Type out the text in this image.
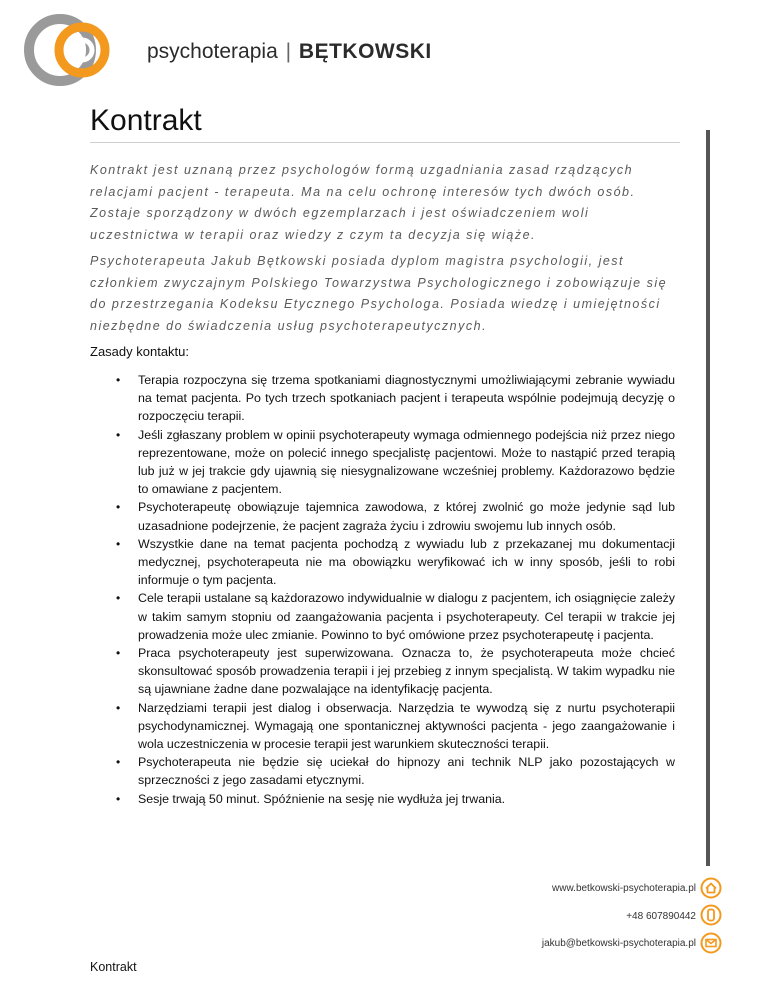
psychoterapia | BĘTKOWSKI
Kontrakt

Kontrakt jest uznaną przez psychologów formą uzgadniania zasad rządzących relacjami pacjent - terapeuta. Ma na celu ochronę interesów tych dwóch osób. Zostaje sporządzony w dwóch egzemplarzach i jest oświadczeniem woli uczestnictwa w terapii oraz wiedzy z czym ta decyzja się wiąże.

Psychoterapeuta Jakub Bętkowski posiada dyplom magistra psychologii, jest członkiem zwyczajnym Polskiego Towarzystwa Psychologicznego i zobowiązuje się do przestrzegania Kodeksu Etycznego Psychologa. Posiada wiedzę i umiejętności niezbędne do świadczenia usług psychoterapeutycznych.

Zasady kontaktu:

• Terapia rozpoczyna się trzema spotkaniami diagnostycznymi umożliwiającymi zebranie wywiadu na temat pacjenta. Po tych trzech spotkaniach pacjent i terapeuta wspólnie podejmują decyzję o rozpoczęciu terapii.
• Jeśli zgłaszany problem w opinii psychoterapeuty wymaga odmiennego podejścia niż przez niego reprezentowane, może on polecić innego specjalistę pacjentowi. Może to nastąpić przed terapią lub już w jej trakcie gdy ujawnią się niesygnalizowane wcześniej problemy. Każdorazowo będzie to omawiane z pacjentem.
• Psychoterapeutę obowiązuje tajemnica zawodowa, z której zwolnić go może jedynie sąd lub uzasadnione podejrzenie, że pacjent zagraża życiu i zdrowiu swojemu lub innych osób.
• Wszystkie dane na temat pacjenta pochodzą z wywiadu lub z przekazanej mu dokumentacji medycznej, psychoterapeuta nie ma obowiązku weryfikować ich w inny sposób, jeśli to robi informuje o tym pacjenta.
• Cele terapii ustalane są każdorazowo indywidualnie w dialogu z pacjentem, ich osiągnięcie zależy w takim samym stopniu od zaangażowania pacjenta i psychoterapeuty. Cel terapii w trakcie jej prowadzenia może ulec zmianie. Powinno to być omówione przez psychoterapeutę i pacjenta.
• Praca psychoterapeuty jest superwizowana. Oznacza to, że psychoterapeuta może chcieć skonsultować sposób prowadzenia terapii i jej przebieg z innym specjalistą. W takim wypadku nie są ujawniane żadne dane pozwalające na identyfikację pacjenta.
• Narzędziami terapii jest dialog i obserwacja. Narzędzia te wywodzą się z nurtu psychoterapii psychodynamicznej. Wymagają one spontanicznej aktywności pacjenta - jego zaangażowanie i wola uczestniczenia w procesie terapii jest warunkiem skuteczności terapii.
• Psychoterapeuta nie będzie się uciekał do hipnozy ani technik NLP jako pozostających w sprzeczności z jego zasadami etycznymi.
• Sesje trwają 50 minut. Spóźnienie na sesję nie wydłuża jej trwania.
www.betkowski-psychoterapia.pl
+48 607890442
jakub@betkowski-psychoterapia.pl
Kontrakt
